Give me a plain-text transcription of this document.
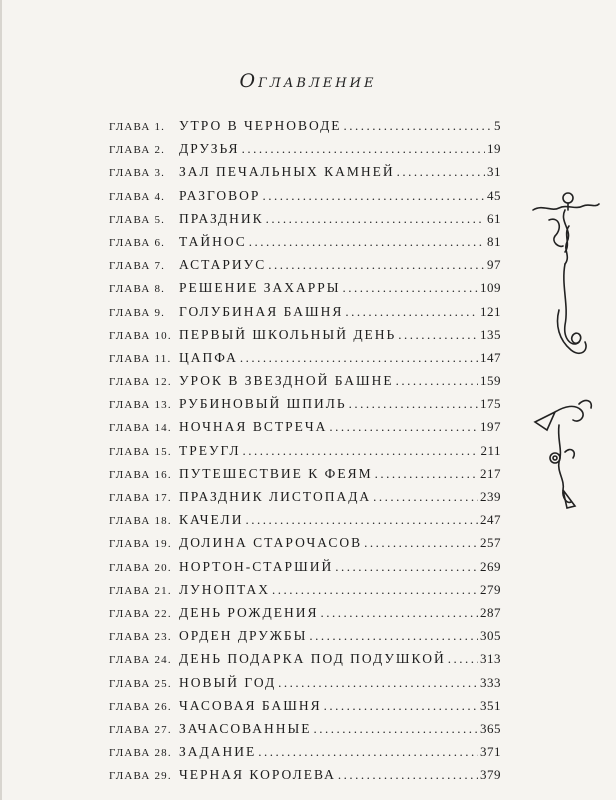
Оглавление
ГЛАВА 1.	УТРО В ЧЕРНОВОДЕ .....	5
ГЛАВА 2.	ДРУЗЬЯ .....	19
ГЛАВА 3.	ЗАЛ ПЕЧАЛЬНЫХ КАМНЕЙ .....	31
ГЛАВА 4.	РАЗГОВОР .....	45
ГЛАВА 5.	ПРАЗДНИК .....	61
ГЛАВА 6.	ТАЙНОС .....	81
ГЛАВА 7.	АСТАРИУС .....	97
ГЛАВА 8.	РЕШЕНИЕ ЗАХАРРЫ .....	109
ГЛАВА 9.	ГОЛУБИНАЯ БАШНЯ .....	121
ГЛАВА 10. ПЕРВЫЙ ШКОЛЬНЫЙ ДЕНЬ .....	135
ГЛАВА 11. ЦАПФА .....	147
ГЛАВА 12. УРОК В ЗВЕЗДНОЙ БАШНЕ .....	159
ГЛАВА 13. РУБИНОВЫЙ ШПИЛЬ .....	175
ГЛАВА 14. НОЧНАЯ ВСТРЕЧА .....	197
ГЛАВА 15. ТРЕУГЛ .....	211
ГЛАВА 16. ПУТЕШЕСТВИЕ К ФЕЯМ .....	217
ГЛАВА 17. ПРАЗДНИК ЛИСТОПАДА .....	239
ГЛАВА 18. КАЧЕЛИ .....	247
ГЛАВА 19. ДОЛИНА СТАРОЧАСОВ .....	257
ГЛАВА 20. НОРТОН-СТАРШИЙ .....	269
ГЛАВА 21. ЛУНОПТАХ .....	279
ГЛАВА 22. ДЕНЬ РОЖДЕНИЯ .....	287
ГЛАВА 23. ОРДЕН ДРУЖБЫ .....	305
ГЛАВА 24. ДЕНЬ ПОДАРКА ПОД ПОДУШКОЙ .....	313
ГЛАВА 25. НОВЫЙ ГОД .....	333
ГЛАВА 26. ЧАСОВАЯ БАШНЯ .....	351
ГЛАВА 27. ЗАЧАСОВАННЫЕ .....	365
ГЛАВА 28. ЗАДАНИЕ .....	371
ГЛАВА 29. ЧЕРНАЯ КОРОЛЕВА .....	379
